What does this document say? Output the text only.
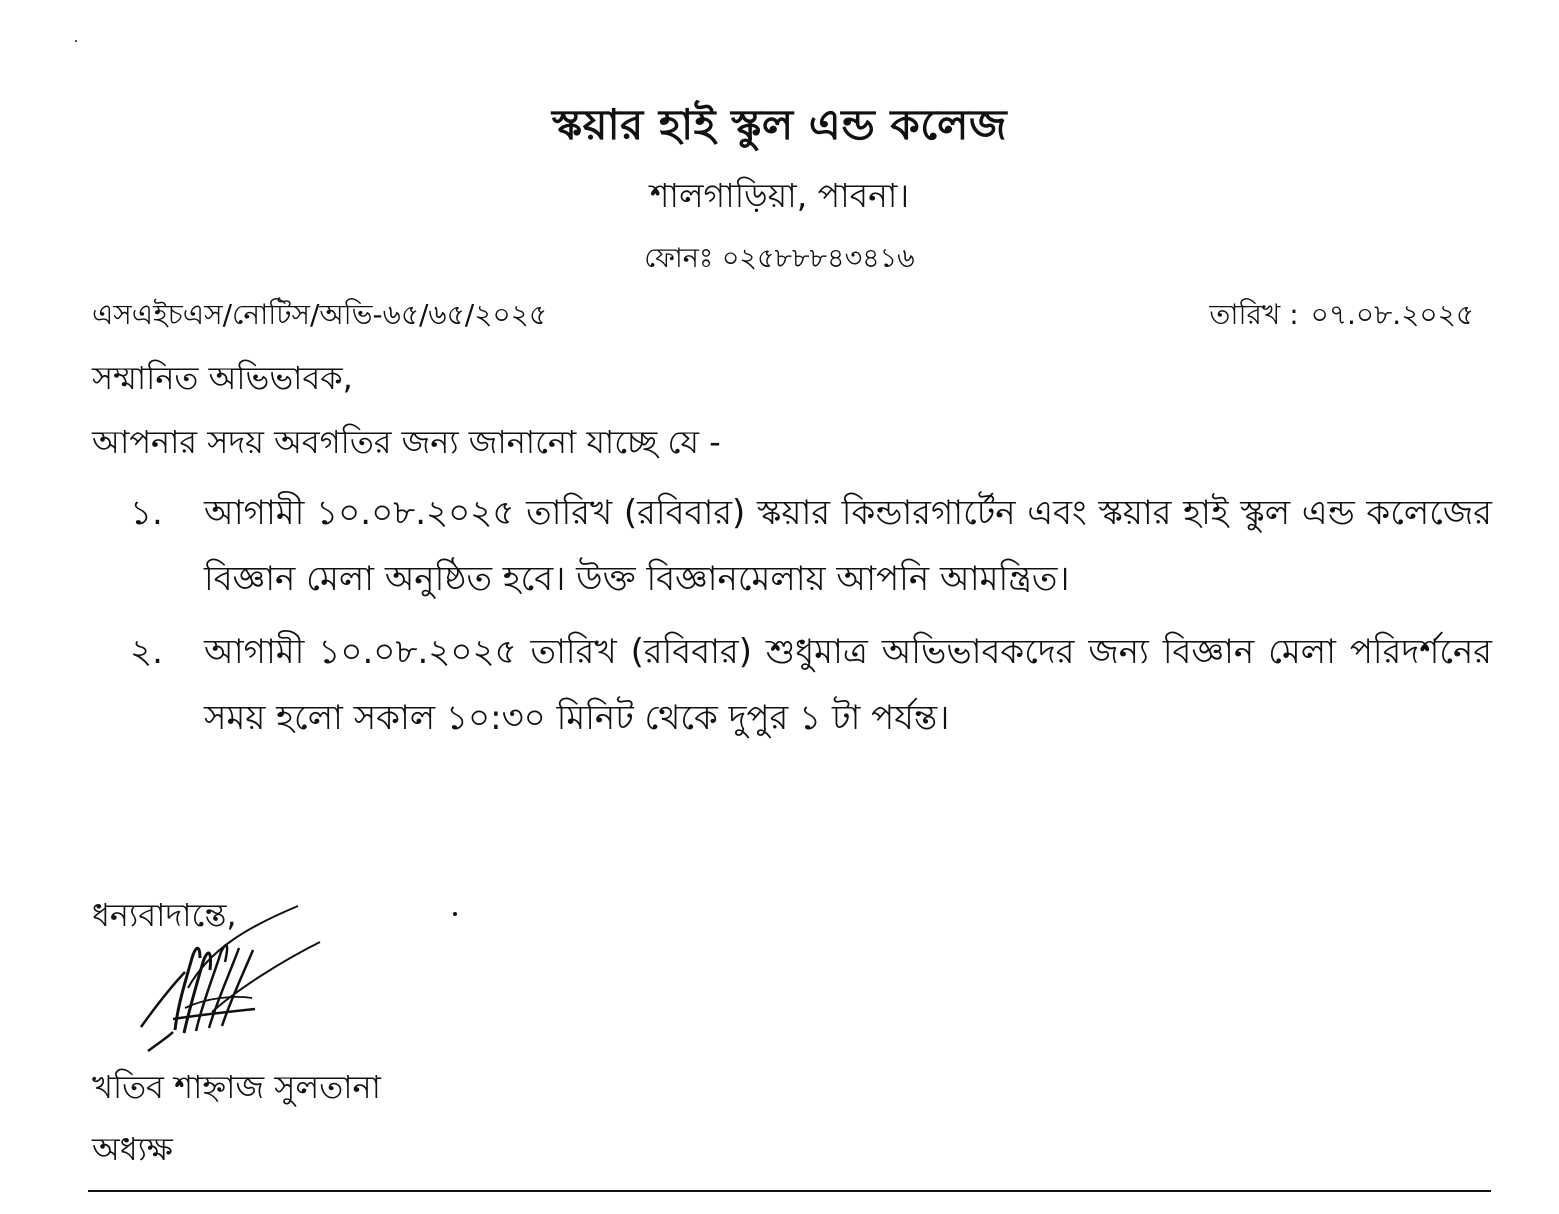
স্কয়ার হাই স্কুল এন্ড কলেজ
শালগাড়িয়া, পাবনা।
ফোনঃ ০২৫৮৮৮৪৩৪১৬
এসএইচএস/নোটিস/অভি-৬৫/৬৫/২০২৫	তারিখ : ০৭.০৮.২০২৫
সম্মানিত অভিভাবক,
আপনার সদয় অবগতির জন্য জানানো যাচ্ছে যে -
১. আগামী ১০.০৮.২০২৫ তারিখ (রবিবার) স্কয়ার কিন্ডারগার্টেন এবং স্কয়ার হাই স্কুল এন্ড কলেজের বিজ্ঞান মেলা অনুষ্ঠিত হবে। উক্ত বিজ্ঞানমেলায় আপনি আমন্ত্রিত।
২. আগামী ১০.০৮.২০২৫ তারিখ (রবিবার) শুধুমাত্র অভিভাবকদের জন্য বিজ্ঞান মেলা পরিদর্শনের সময় হলো সকাল ১০:৩০ মিনিট থেকে দুপুর ১ টা পর্যন্ত।
ধন্যবাদান্তে,
খতিব শাহ্নাজ সুলতানা
অধ্যক্ষ
